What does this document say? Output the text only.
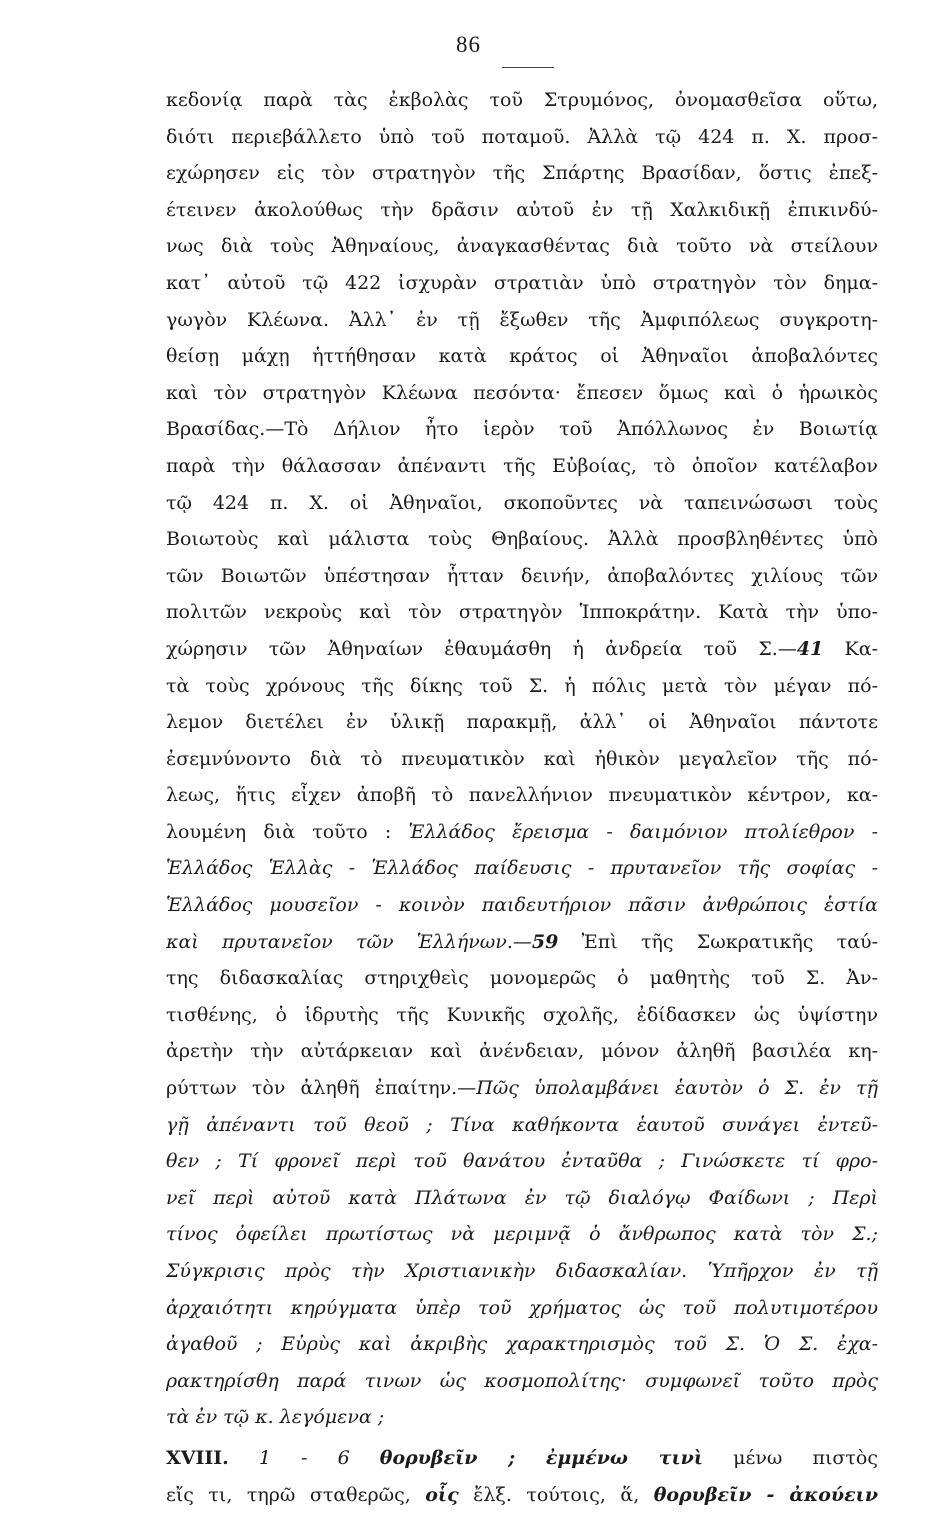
86
κεδονίᾳ παρὰ τὰς ἐκβολὰς τοῦ Στρυμόνος, ὀνομασθεῖσα οὕτω,
διότι περιεβάλλετο ὑπὸ τοῦ ποταμοῦ. Ἀλλὰ τῷ 424 π. Χ. προσ-
εχώρησεν εἰς τὸν στρατηγὸν τῆς Σπάρτης Βρασίδαν, ὅστις ἐπεξ-
έτεινεν ἀκολούθως τὴν δρᾶσιν αὐτοῦ ἐν τῇ Χαλκιδικῇ ἐπικινδύ-
νως διὰ τοὺς Ἀθηναίους, ἀναγκασθέντας διὰ τοῦτο νὰ στείλουν
κατ᾽ αὐτοῦ τῷ 422 ἰσχυρὰν στρατιὰν ὑπὸ στρατηγὸν τὸν δημα-
γωγὸν Κλέωνα. Ἀλλ᾽ ἐν τῇ ἔξωθεν τῆς Ἀμφιπόλεως συγκροτη-
θείσῃ μάχῃ ἡττήθησαν κατὰ κράτος οἱ Ἀθηναῖοι ἀποβαλόντες
καὶ τὸν στρατηγὸν Κλέωνα πεσόντα· ἔπεσεν ὅμως καὶ ὁ ἡρωικὸς
Βρασίδας.—Τὸ Δήλιον ἦτο ἱερὸν τοῦ Ἀπόλλωνος ἐν Βοιωτίᾳ
παρὰ τὴν θάλασσαν ἀπέναντι τῆς Εὐβοίας, τὸ ὁποῖον κατέλαβον
τῷ 424 π. Χ. οἱ Ἀθηναῖοι, σκοποῦντες νὰ ταπεινώσωσι τοὺς
Βοιωτοὺς καὶ μάλιστα τοὺς Θηβαίους. Ἀλλὰ προσβληθέντες ὑπὸ
τῶν Βοιωτῶν ὑπέστησαν ἧτταν δεινήν, ἀποβαλόντες χιλίους τῶν
πολιτῶν νεκροὺς καὶ τὸν στρατηγὸν Ἱπποκράτην. Κατὰ τὴν ὑπο-
χώρησιν τῶν Ἀθηναίων ἐθαυμάσθη ἡ ἀνδρεία τοῦ Σ.—41 Κα-
τὰ τοὺς χρόνους τῆς δίκης τοῦ Σ. ἡ πόλις μετὰ τὸν μέγαν πό-
λεμον διετέλει ἐν ὑλικῇ παρακμῇ, ἀλλ᾽ οἱ Ἀθηναῖοι πάντοτε
ἐσεμνύνοντο διὰ τὸ πνευματικὸν καὶ ἠθικὸν μεγαλεῖον τῆς πό-
λεως, ἥτις εἶχεν ἀποβῆ τὸ πανελλήνιον πνευματικὸν κέντρον, κα-
λουμένη διὰ τοῦτο : Ἑλλάδος ἔρεισμα - δαιμόνιον πτολίεθρον -
Ἑλλάδος Ἑλλὰς - Ἑλλάδος παίδευσις - πρυτανεῖον τῆς σοφίας -
Ἑλλάδος μουσεῖον - κοινὸν παιδευτήριον πᾶσιν ἀνθρώποις ἑστία
καὶ πρυτανεῖον τῶν Ἑλλήνων.—59 Ἐπὶ τῆς Σωκρατικῆς ταύ-
της διδασκαλίας στηριχθεὶς μονομερῶς ὁ μαθητὴς τοῦ Σ. Ἀν-
τισθένης, ὁ ἱδρυτὴς τῆς Κυνικῆς σχολῆς, ἐδίδασκεν ὡς ὑψίστην
ἀρετὴν τὴν αὐτάρκειαν καὶ ἀνένδειαν, μόνον ἀληθῆ βασιλέα κη-
ρύττων τὸν ἀληθῆ ἐπαίτην.—Πῶς ὑπολαμβάνει ἑαυτὸν ὁ Σ. ἐν τῇ
γῇ ἀπέναντι τοῦ θεοῦ ; Τίνα καθήκοντα ἑαυτοῦ συνάγει ἐντεῦ-
θεν ; Τί φρονεῖ περὶ τοῦ θανάτου ἐνταῦθα ; Γινώσκετε τί φρο-
νεῖ περὶ αὐτοῦ κατὰ Πλάτωνα ἐν τῷ διαλόγῳ Φαίδωνι ; Περὶ
τίνος ὀφείλει πρωτίστως νὰ μεριμνᾷ ὁ ἄνθρωπος κατὰ τὸν Σ.;
Σύγκρισις πρὸς τὴν Χριστιανικὴν διδασκαλίαν. Ὑπῆρχον ἐν τῇ
ἀρχαιότητι κηρύγματα ὑπὲρ τοῦ χρήματος ὡς τοῦ πολυτιμοτέρου
ἀγαθοῦ ; Εὐρὺς καὶ ἀκριβὴς χαρακτηρισμὸς τοῦ Σ. Ὁ Σ. ἐχα-
ρακτηρίσθη παρά τινων ὡς κοσμοπολίτης· συμφωνεῖ τοῦτο πρὸς
τὰ ἐν τῷ κ. λεγόμενα ;
XVIII. 1 - 6 θορυβεῖν ; ἐμμένω τινὶ μένω πιστὸς
εἴς τι, τηρῶ σταθερῶς, οἷς ἔλξ. τούτοις, ἅ, θορυβεῖν - ἀκούειν
